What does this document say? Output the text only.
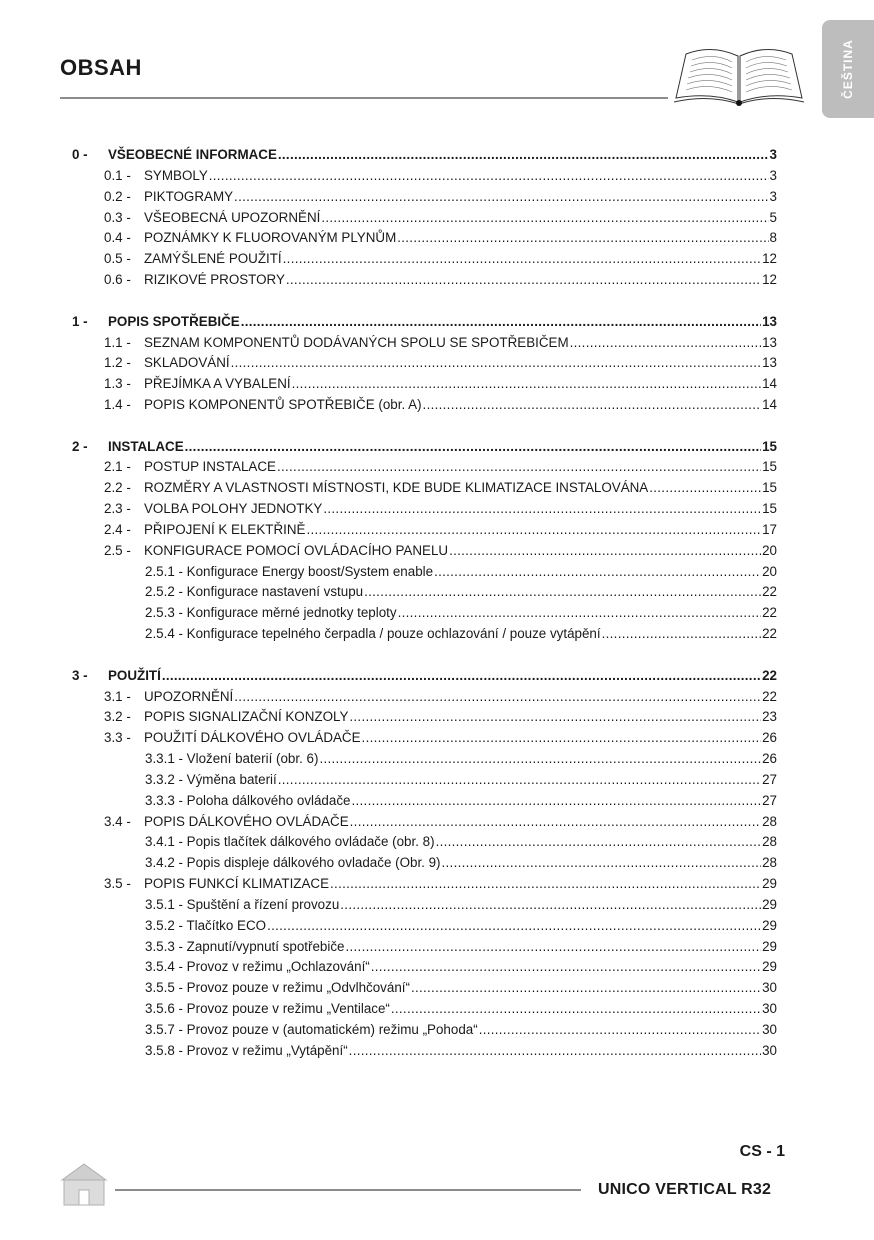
OBSAH	ČEŠTINA
0 -	VŠEOBECNÉ INFORMACE .....	3
0.1 - SYMBOLY .....	3
0.2 - PIKTOGRAMY .....	3
0.3 - VŠEOBECNÁ UPOZORNĚNÍ .....	5
0.4 - POZNÁMKY K FLUOROVANÝM PLYNŮM .....	8
0.5 - ZAMÝŠLENÉ POUŽITÍ .....	12
0.6 - RIZIKOVÉ PROSTORY .....	12
1 -	POPIS SPOTŘEBIČE .....	13
1.1 - SEZNAM KOMPONENTŮ DODÁVANÝCH SPOLU SE SPOTŘEBIČEM .....	13
1.2 - SKLADOVÁNÍ .....	13
1.3 - PŘEJÍMKA A VYBALENÍ .....	14
1.4 - POPIS KOMPONENTŮ SPOTŘEBIČE (obr. A) .....	14
2 -	INSTALACE .....	15
2.1 - POSTUP INSTALACE .....	15
2.2 - ROZMĚRY A VLASTNOSTI MÍSTNOSTI, KDE BUDE KLIMATIZACE INSTALOVÁNA .....	15
2.3 - VOLBA POLOHY JEDNOTKY .....	15
2.4 - PŘIPOJENÍ K ELEKTŘINĚ .....	17
2.5 - KONFIGURACE POMOCÍ OVLÁDACÍHO PANELU .....	20
2.5.1 - Konfigurace Energy boost/System enable .....	20
2.5.2 - Konfigurace nastavení vstupu .....	22
2.5.3 - Konfigurace měrné jednotky teploty .....	22
2.5.4 - Konfigurace tepelného čerpadla / pouze ochlazování / pouze vytápění .....	22
3 -	POUŽITÍ .....	22
3.1 - UPOZORNĚNÍ .....	22
3.2 - POPIS SIGNALIZAČNÍ KONZOLY .....	23
3.3 - POUŽITÍ DÁLKOVÉHO OVLÁDAČE .....	26
3.3.1 - Vložení baterií (obr. 6) .....	26
3.3.2 - Výměna baterií .....	27
3.3.3 - Poloha dálkového ovládače .....	27
3.4 - POPIS DÁLKOVÉHO OVLÁDAČE .....	28
3.4.1 - Popis tlačítek dálkového ovládače (obr. 8) .....	28
3.4.2 - Popis displeje dálkového ovladače (Obr. 9) .....	28
3.5 - POPIS FUNKCÍ KLIMATIZACE .....	29
3.5.1 - Spuštění a řízení provozu .....	29
3.5.2 - Tlačítko ECO .....	29
3.5.3 - Zapnutí/vypnutí spotřebiče .....	29
3.5.4 - Provoz v režimu „Ochlazování“ .....	29
3.5.5 - Provoz pouze v režimu „Odvlhčování“ .....	30
3.5.6 - Provoz pouze v režimu „Ventilace“ .....	30
3.5.7 - Provoz pouze v (automatickém) režimu „Pohoda“ .....	30
3.5.8 - Provoz v režimu „Vytápění“ .....	30
CS - 1
UNICO VERTICAL R32
